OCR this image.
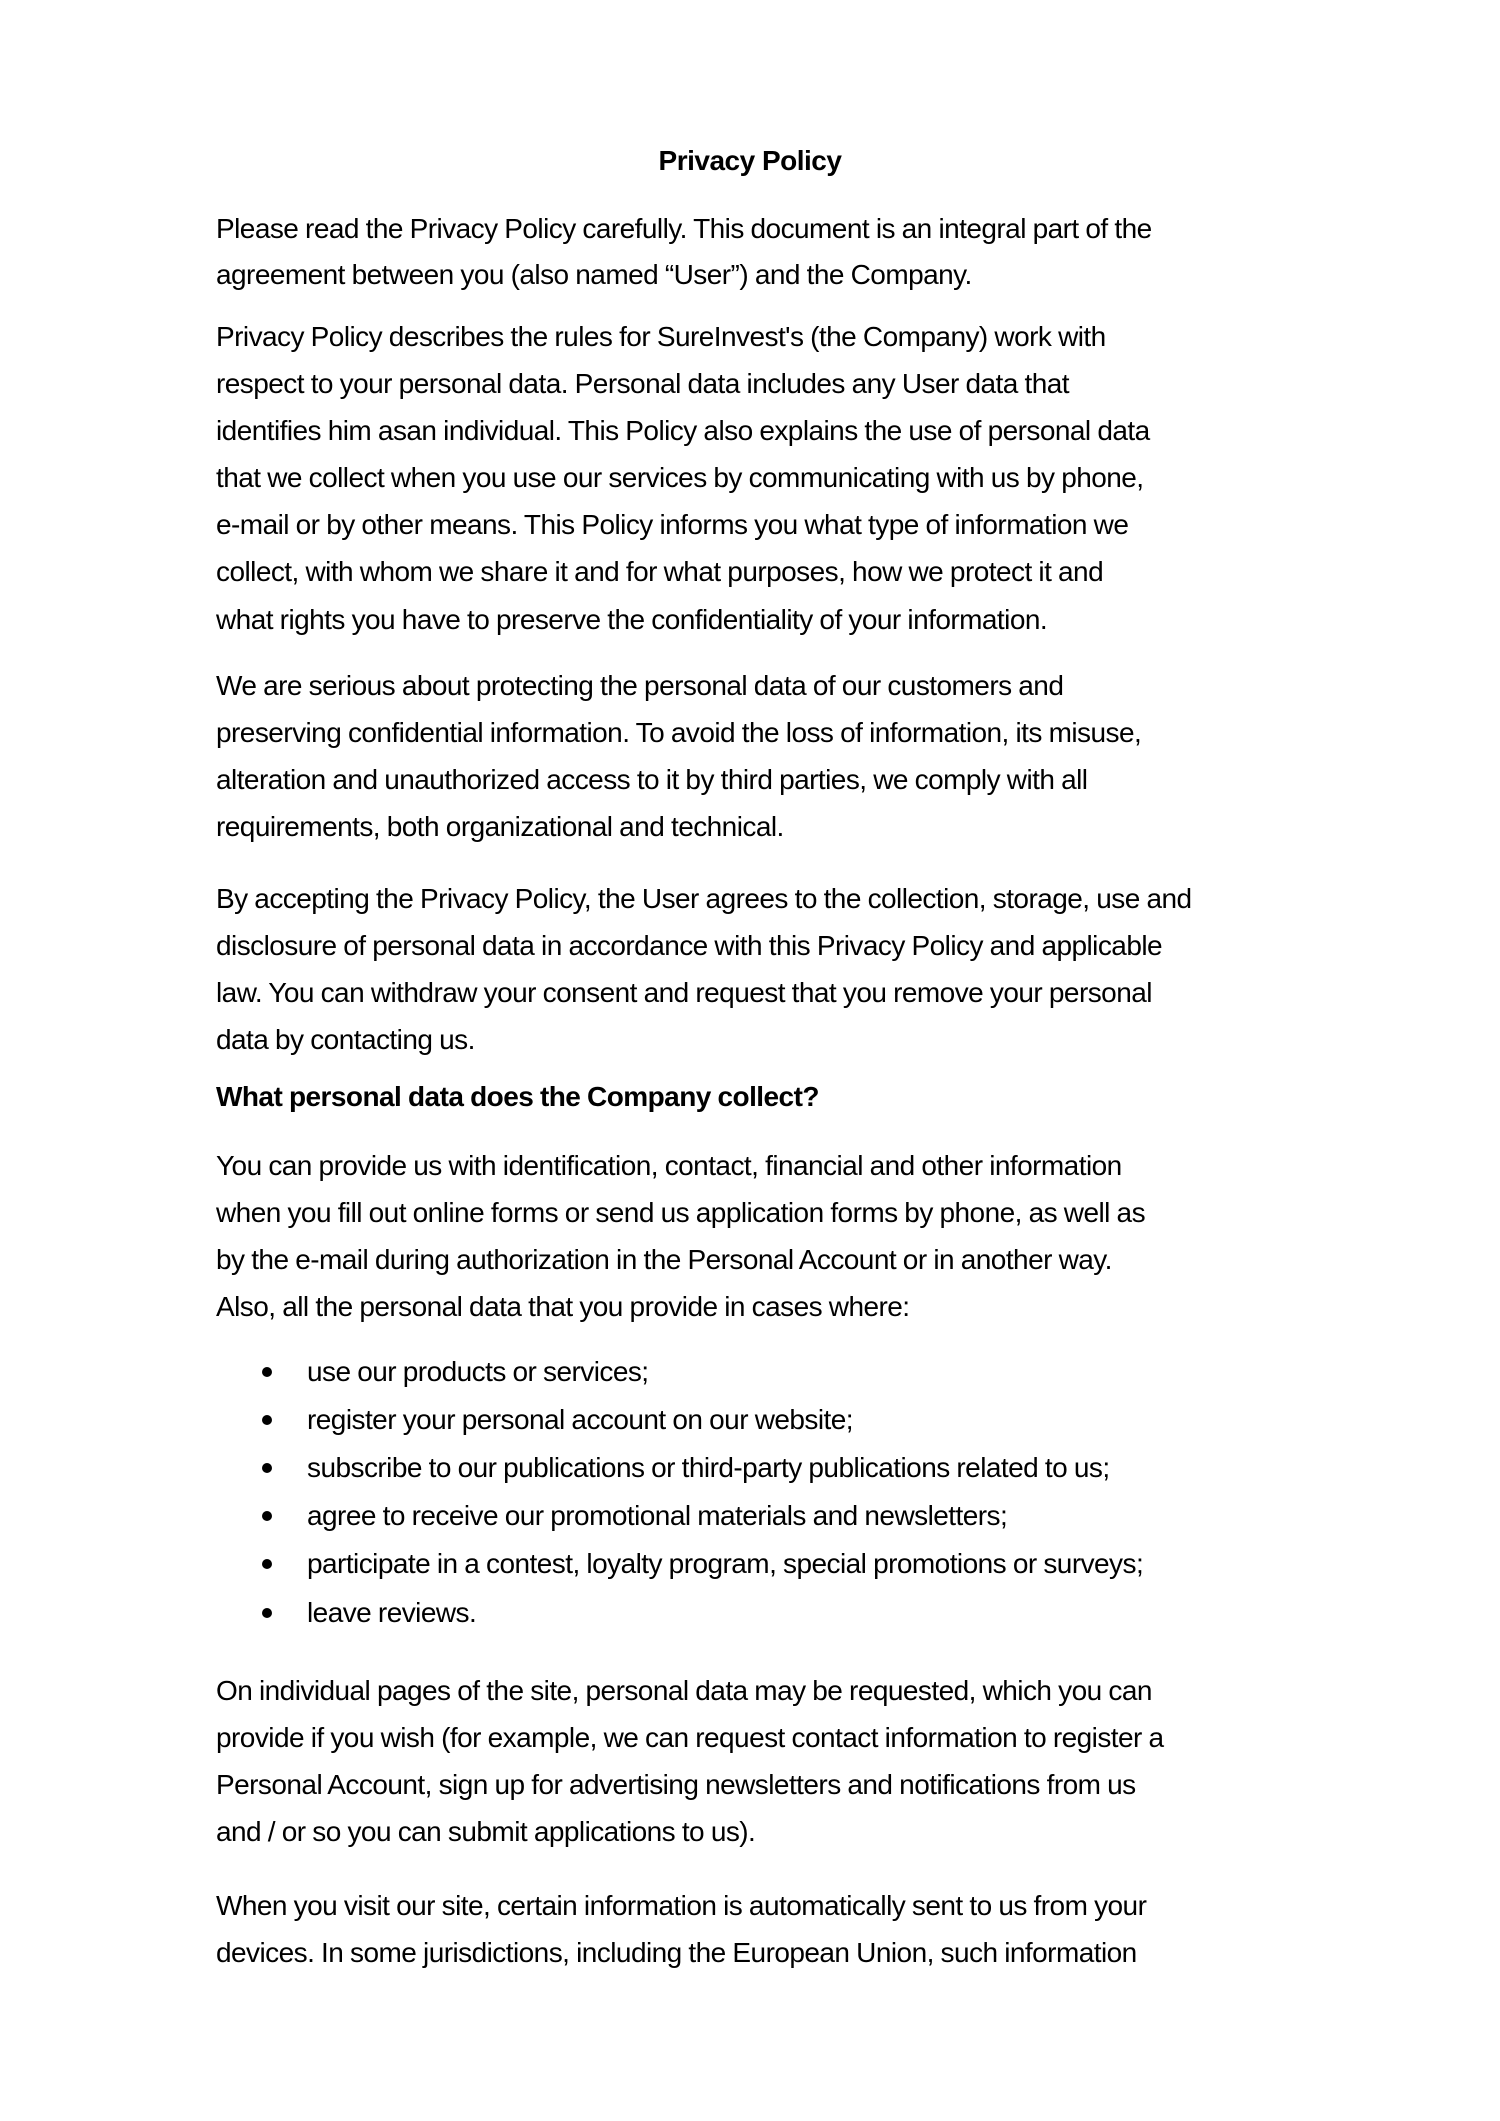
Privacy Policy
Please read the Privacy Policy carefully. This document is an integral part of the
agreement between you (also named “User”) and the Company.
Privacy Policy describes the rules for SureInvest's (the Company) work with
respect to your personal data. Personal data includes any User data that
identifies him asan individual. This Policy also explains the use of personal data
that we collect when you use our services by communicating with us by phone,
e-mail or by other means. This Policy informs you what type of information we
collect, with whom we share it and for what purposes, how we protect it and
what rights you have to preserve the confidentiality of your information.
We are serious about protecting the personal data of our customers and
preserving confidential information. To avoid the loss of information, its misuse,
alteration and unauthorized access to it by third parties, we comply with all
requirements, both organizational and technical.
By accepting the Privacy Policy, the User agrees to the collection, storage, use and
disclosure of personal data in accordance with this Privacy Policy and applicable
law. You can withdraw your consent and request that you remove your personal
data by contacting us.
What personal data does the Company collect?
You can provide us with identification, contact, financial and other information
when you fill out online forms or send us application forms by phone, as well as
by the e-mail during authorization in the Personal Account or in another way.
Also, all the personal data that you provide in cases where:
use our products or services;
register your personal account on our website;
subscribe to our publications or third-party publications related to us;
agree to receive our promotional materials and newsletters;
participate in a contest, loyalty program, special promotions or surveys;
leave reviews.
On individual pages of the site, personal data may be requested, which you can
provide if you wish (for example, we can request contact information to register a
Personal Account, sign up for advertising newsletters and notifications from us
and / or so you can submit applications to us).
When you visit our site, certain information is automatically sent to us from your
devices. In some jurisdictions, including the European Union, such information
